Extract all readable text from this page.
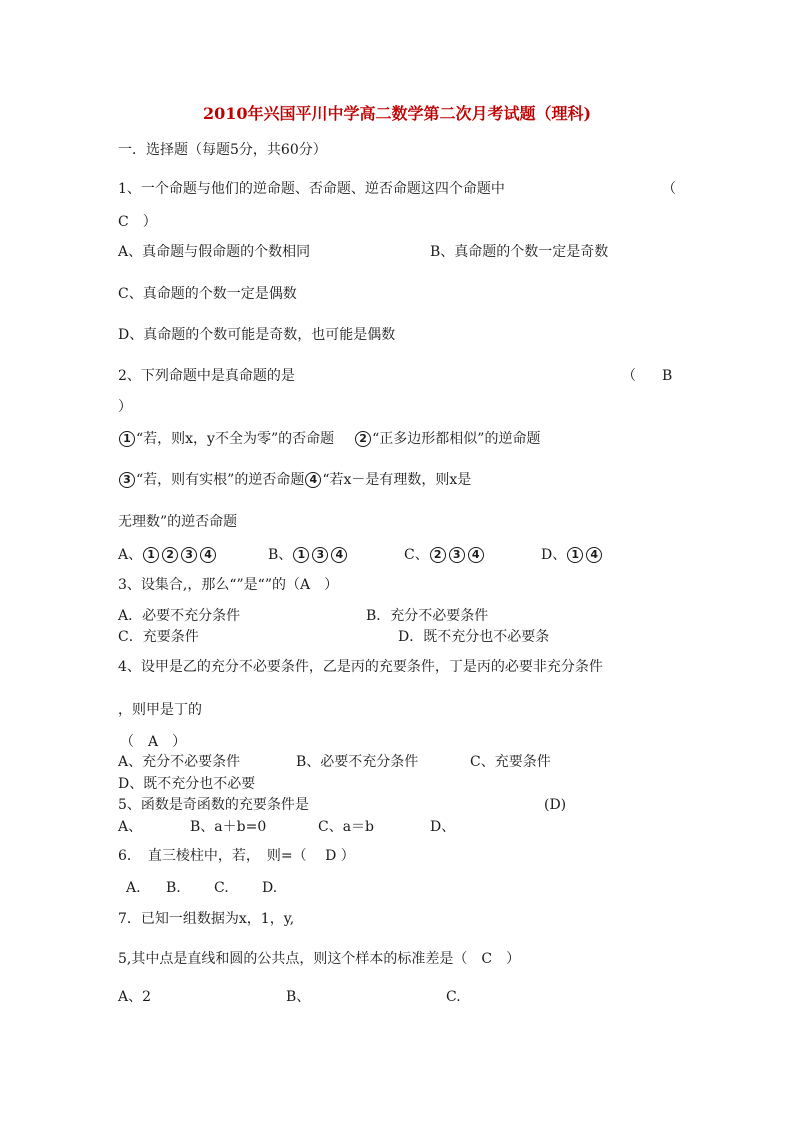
2010年兴国平川中学高二数学第二次月考试题（理科)
一．选择题（每题5分，共60分）
1、一个命题与他们的逆命题、否命题、逆否命题这四个命题中	（
C　）
A、真命题与假命题的个数相同	B、真命题的个数一定是奇数
C、真命题的个数一定是偶数
D、真命题的个数可能是奇数，也可能是偶数
2、下列命题中是真命题的是	（ B
）
1 “若，则x，y不全为零”的否命题 2 “正多边形都相似”的逆命题
3 “若，则有实根”的逆否命题 4 “若x－是有理数，则x是
无理数”的逆否命题
A、 1 2 3 4	B、 1 3 4	C、 2 3 4	D、 1 4
3、设集合,，那么“”是“”的（A　）
A．必要不充分条件	B．充分不必要条件
C．充要条件	D．既不充分也不必要条
4、设甲是乙的充分不必要条件，乙是丙的充要条件，丁是丙的必要非充分条件
，则甲是丁的
（　A　）
A、充分不必要条件	B、必要不充分条件	C、充要条件
D、既不充分也不必要
5、函数是奇函数的充要条件是	(D)
A、	B、a＋b=0	C、a＝b	D、
6．　直三棱柱中，若，　则=（　 D ）
A. B. C. D.
7．已知一组数据为x，1，y,
5,其中点是直线和圆的公共点，则这个样本的标准差是（　C　）
A、2	B、	C.
